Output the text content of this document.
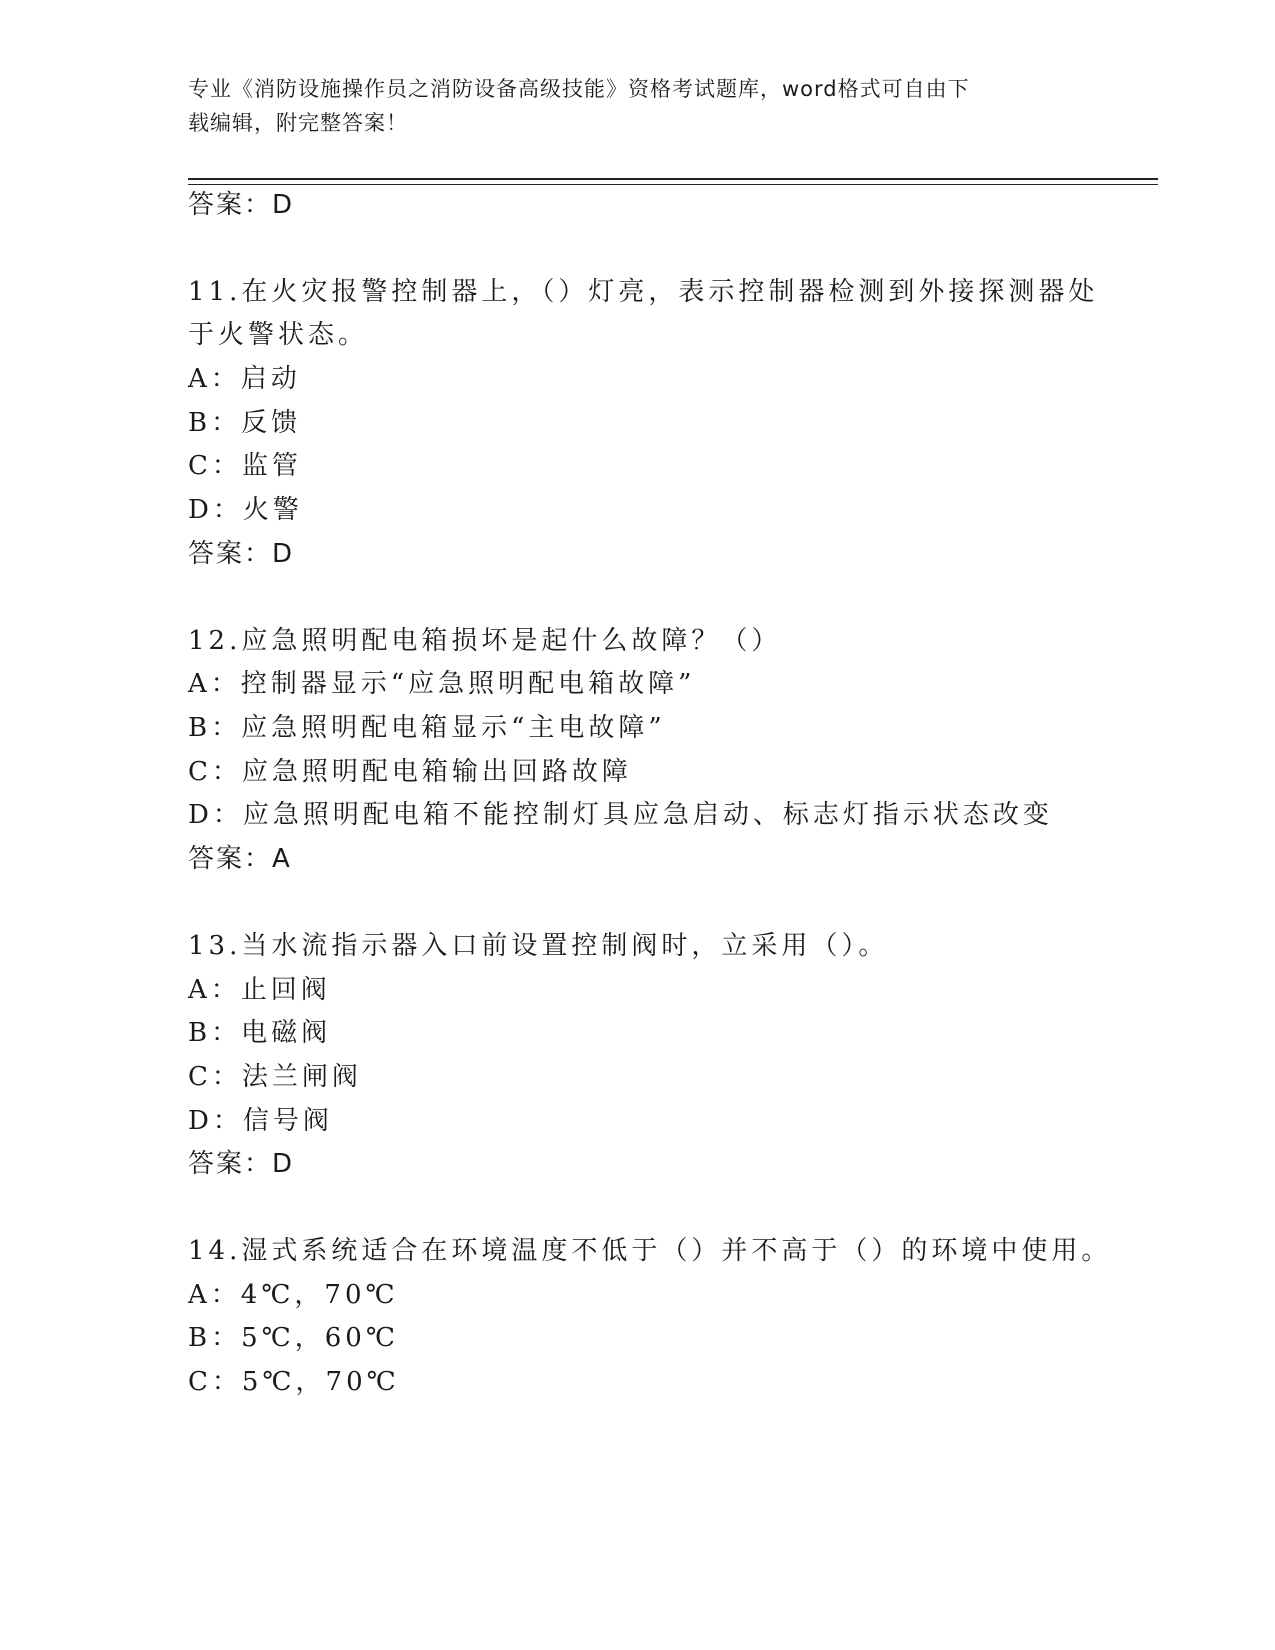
专业《消防设施操作员之消防设备高级技能》资格考试题库，word格式可自由下
载编辑，附完整答案！
答案：D
11.在火灾报警控制器上，（）灯亮，表示控制器检测到外接探测器处
于火警状态。
A：启动
B：反馈
C：监管
D：火警
答案：D
12.应急照明配电箱损坏是起什么故障？（）
A：控制器显示“应急照明配电箱故障”
B：应急照明配电箱显示“主电故障”
C：应急照明配电箱输出回路故障
D：应急照明配电箱不能控制灯具应急启动、标志灯指示状态改变
答案：A
13.当水流指示器入口前设置控制阀时，立采用（）。
A：止回阀
B：电磁阀
C：法兰闸阀
D：信号阀
答案：D
14.湿式系统适合在环境温度不低于（）并不高于（）的环境中使用。
A：4℃，70℃
B：5℃，60℃
C：5℃，70℃
